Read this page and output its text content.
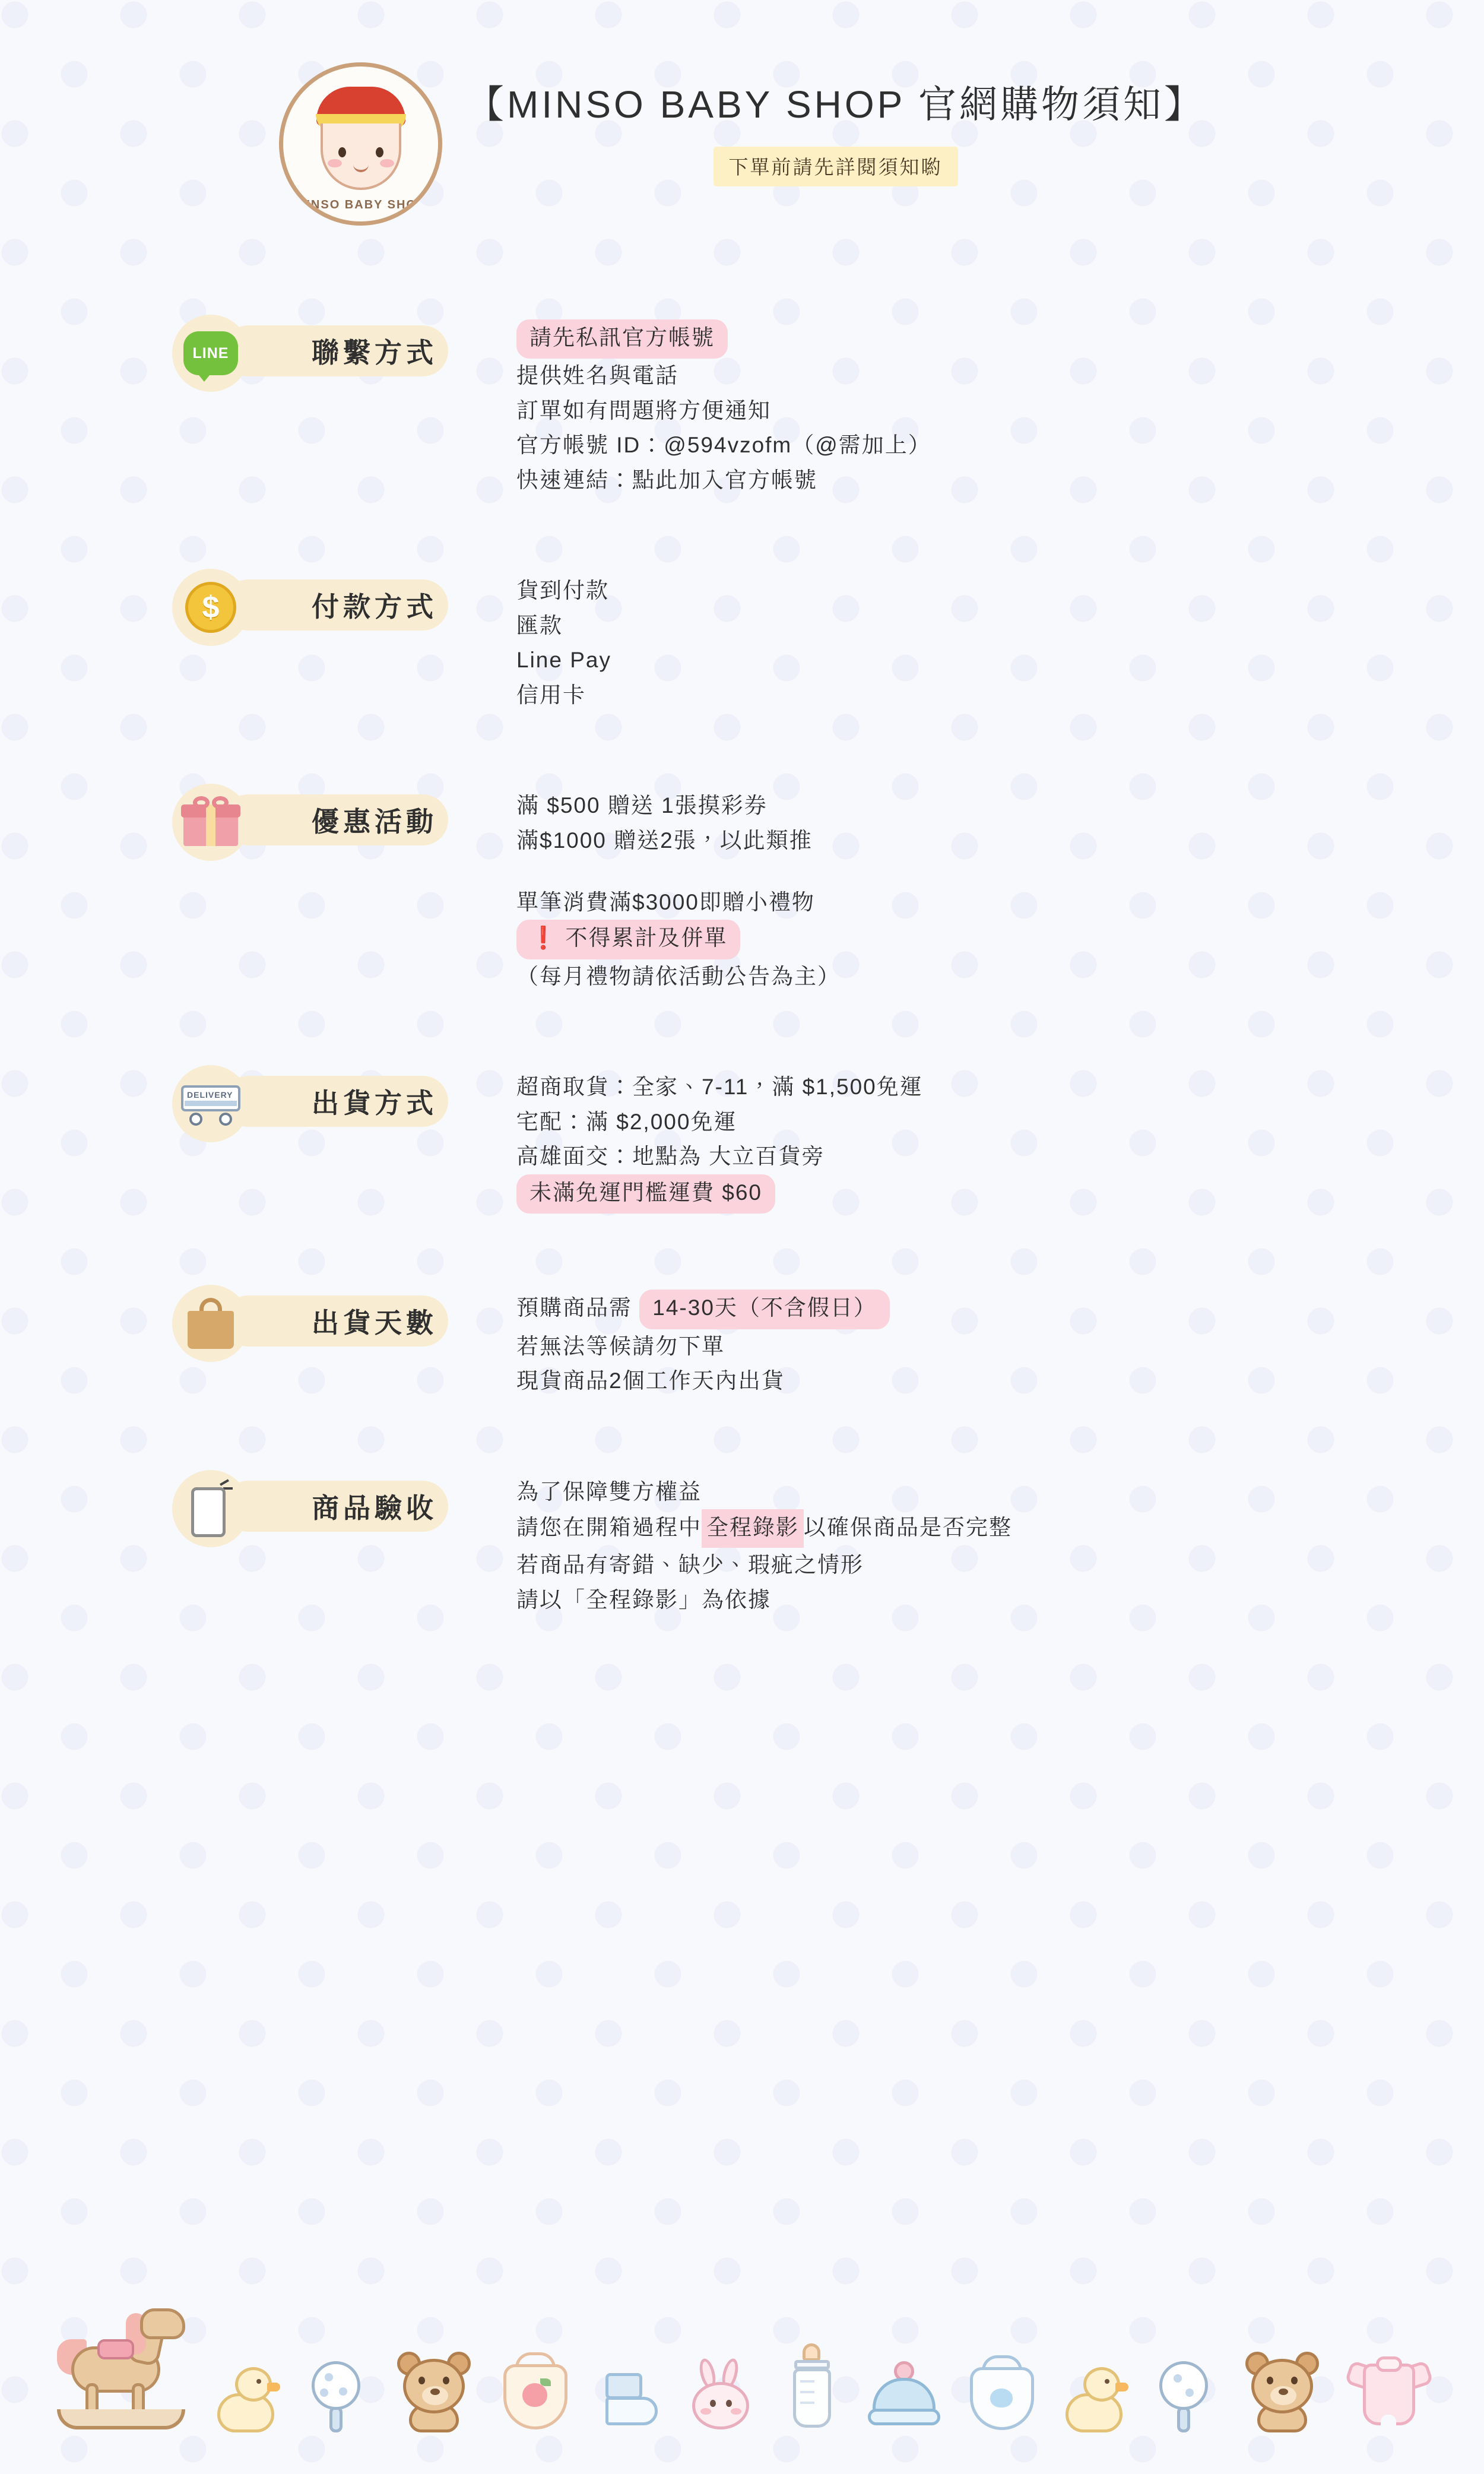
MINSO BABY SHOP
【MINSO BABY SHOP 官網購物須知】
下單前請先詳閱須知喲
聯繫方式
LINE
請先私訊官方帳號
提供姓名與電話
訂單如有問題將方便通知
官方帳號 ID：@594vzofm（@需加上）
快速連結：點此加入官方帳號
付款方式
$	貨到付款
匯款
Line Pay
信用卡
優惠活動
滿 $500 贈送 1張摸彩券
滿$1000 贈送2張，以此類推
單筆消費滿$3000即贈小禮物
❗ 不得累計及併單
（每月禮物請依活動公告為主）
出貨方式
DELIVERY	超商取貨：全家、7-11，滿 $1,500免運
宅配：滿 $2,000免運
高雄面交：地點為 大立百貨旁
未滿免運門檻運費 $60
出貨天數	預購商品需 14-30天（不含假日）
若無法等候請勿下單
現貨商品2個工作天內出貨
商品驗收
為了保障雙方權益
請您在開箱過程中 全程錄影 以確保商品是否完整
若商品有寄錯、缺少、瑕疵之情形
請以「全程錄影」為依據
